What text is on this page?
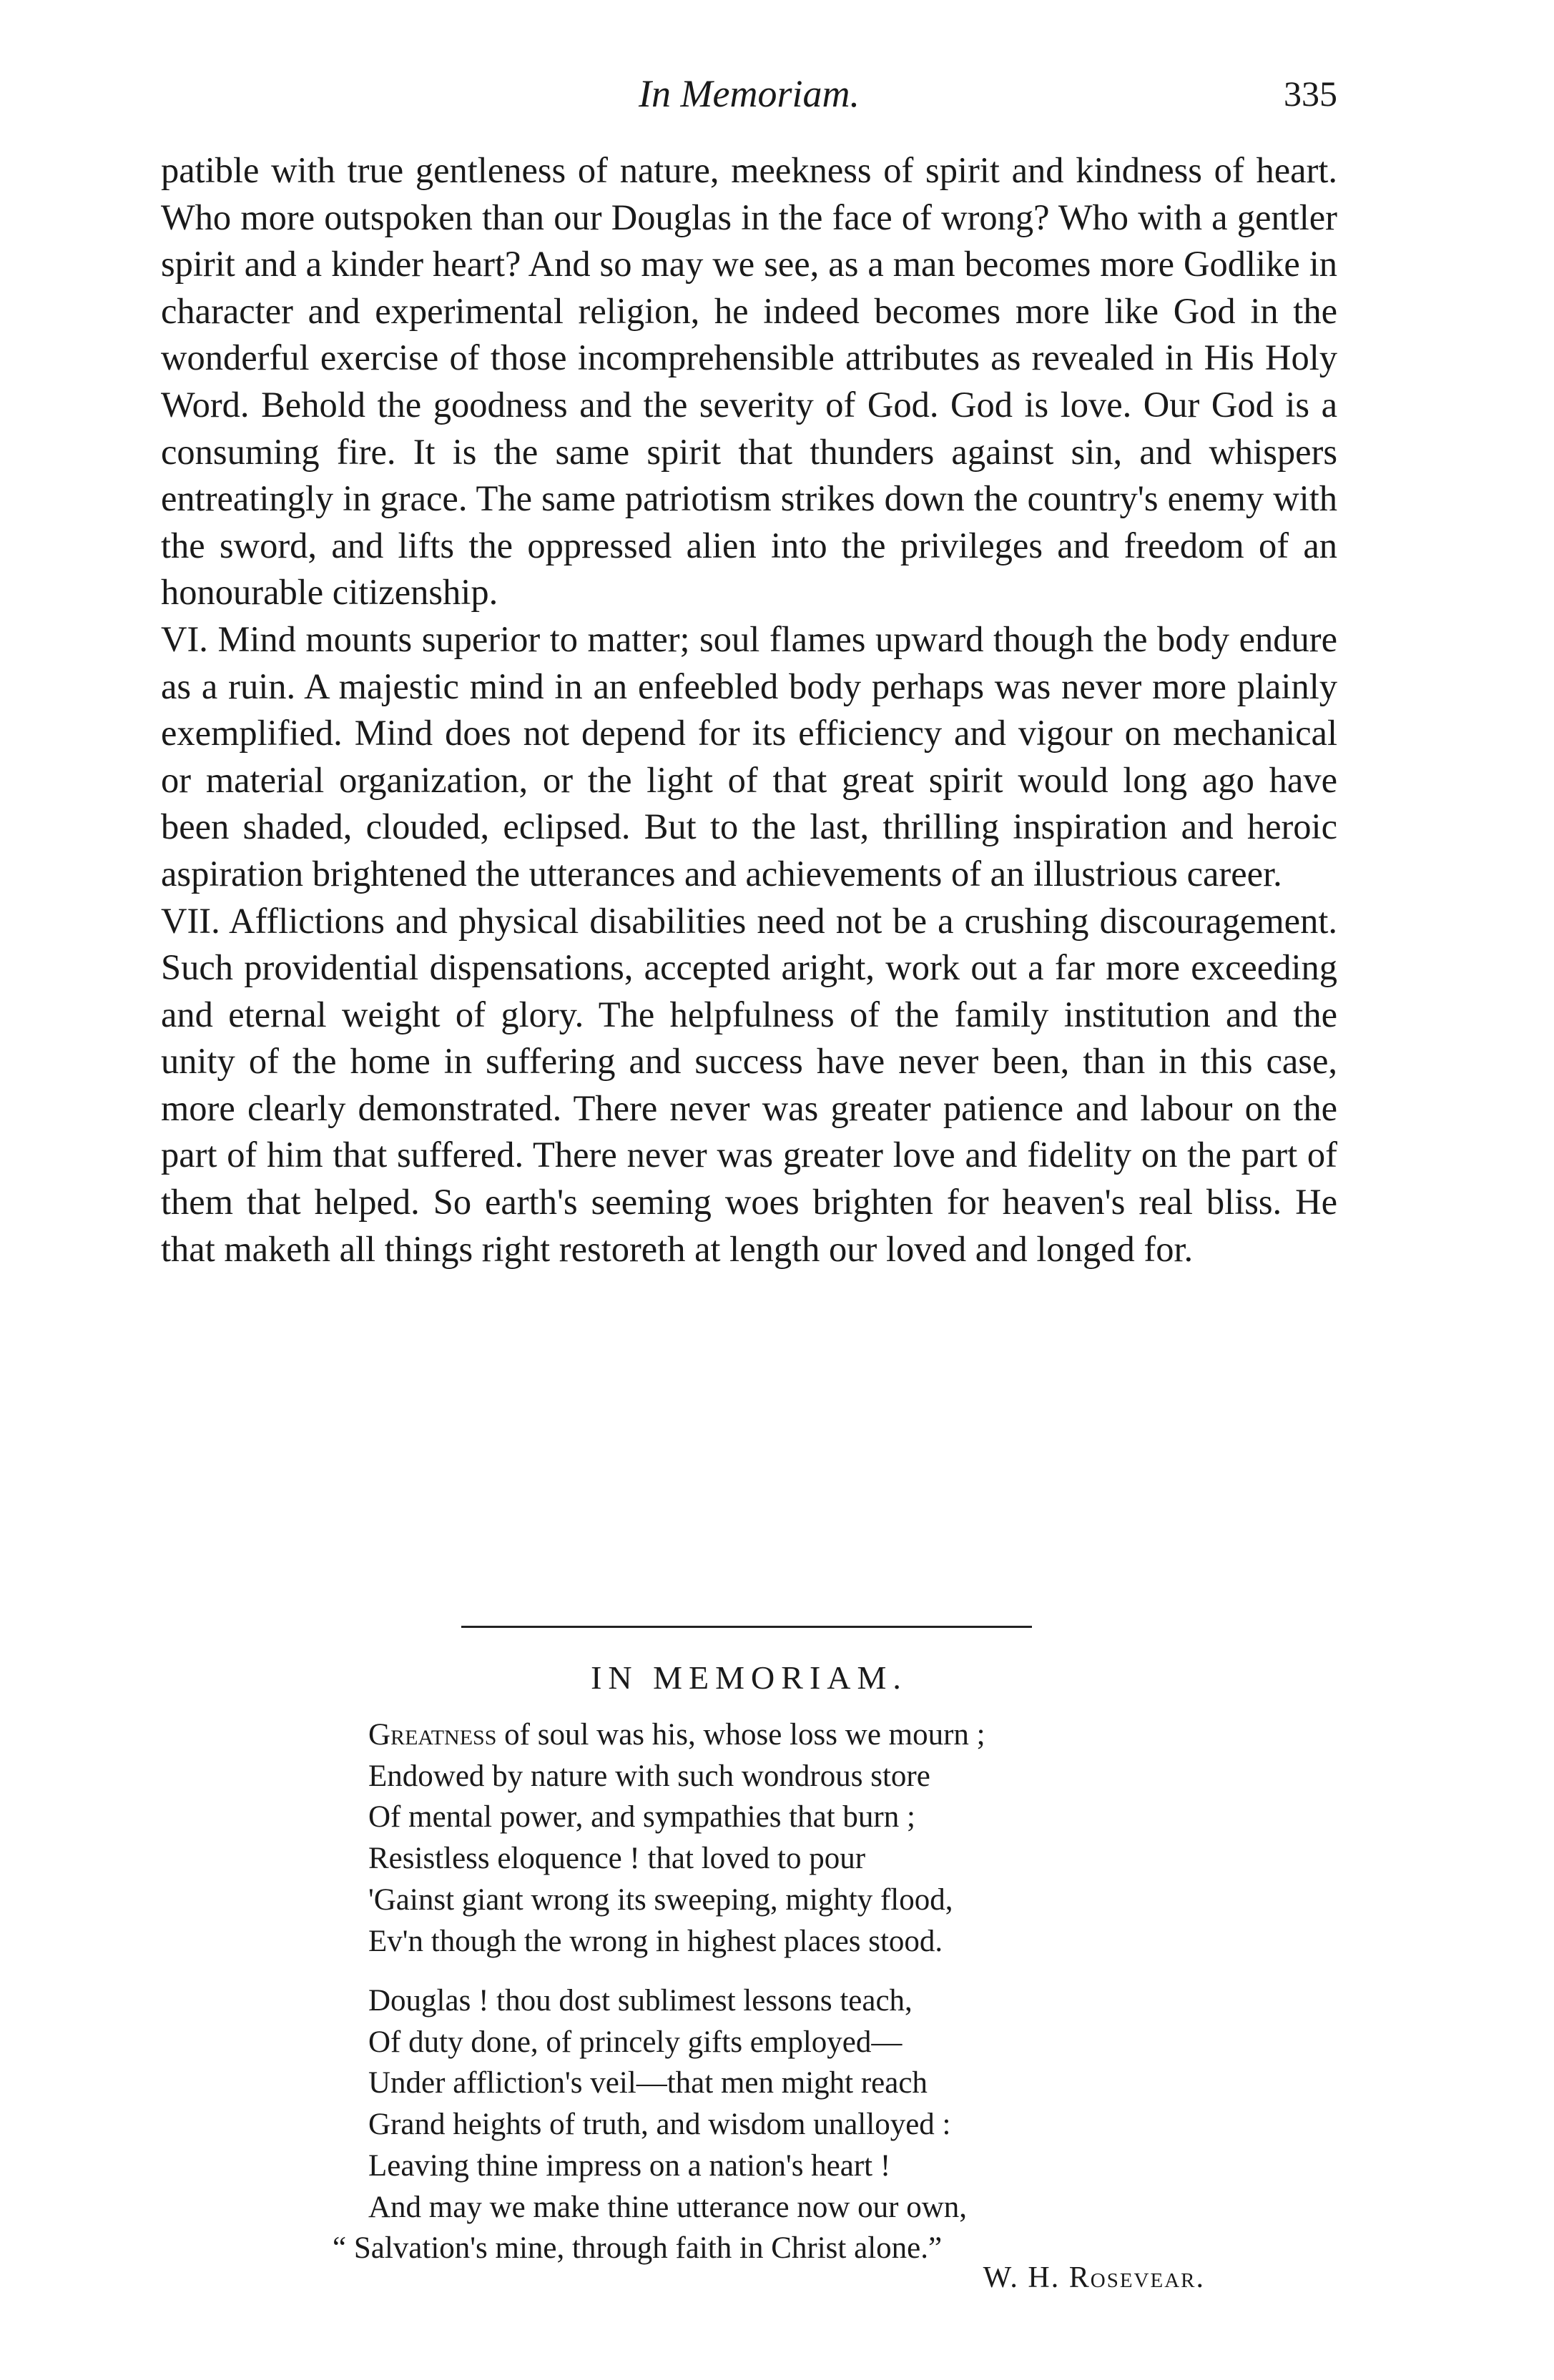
In Memoriam.	335

patible with true gentleness of nature, meekness of spirit and kindness of heart. Who more outspoken than our Douglas in the face of wrong? Who with a gentler spirit and a kinder heart? And so may we see, as a man becomes more Godlike in character and experimental religion, he indeed becomes more like God in the wonderful exercise of those incomprehensible attributes as revealed in His Holy Word. Behold the goodness and the severity of God. God is love. Our God is a consuming fire. It is the same spirit that thunders against sin, and whispers entreatingly in grace. The same patriotism strikes down the country's enemy with the sword, and lifts the oppressed alien into the privileges and freedom of an honourable citizenship.

VI. Mind mounts superior to matter; soul flames upward though the body endure as a ruin. A majestic mind in an enfeebled body perhaps was never more plainly exemplified. Mind does not depend for its efficiency and vigour on mechanical or material organization, or the light of that great spirit would long ago have been shaded, clouded, eclipsed. But to the last, thrilling inspiration and heroic aspiration brightened the utterances and achievements of an illustrious career.

VII. Afflictions and physical disabilities need not be a crushing discouragement. Such providential dispensations, accepted aright, work out a far more exceeding and eternal weight of glory. The helpfulness of the family institution and the unity of the home in suffering and success have never been, than in this case, more clearly demonstrated. There never was greater patience and labour on the part of him that suffered. There never was greater love and fidelity on the part of them that helped. So earth's seeming woes brighten for heaven's real bliss. He that maketh all things right restoreth at length our loved and longed for.

IN MEMORIAM.
Greatness of soul was his, whose loss we mourn ;
Endowed by nature with such wondrous store
Of mental power, and sympathies that burn ;
Resistless eloquence ! that loved to pour
'Gainst giant wrong its sweeping, mighty flood,
Ev'n though the wrong in highest places stood.
Douglas ! thou dost sublimest lessons teach,
Of duty done, of princely gifts employed—
Under affliction's veil—that men might reach
Grand heights of truth, and wisdom unalloyed :
Leaving thine impress on a nation's heart !
And may we make thine utterance now our own,
“ Salvation's mine, through faith in Christ alone.”
W. H. Rosevear.
